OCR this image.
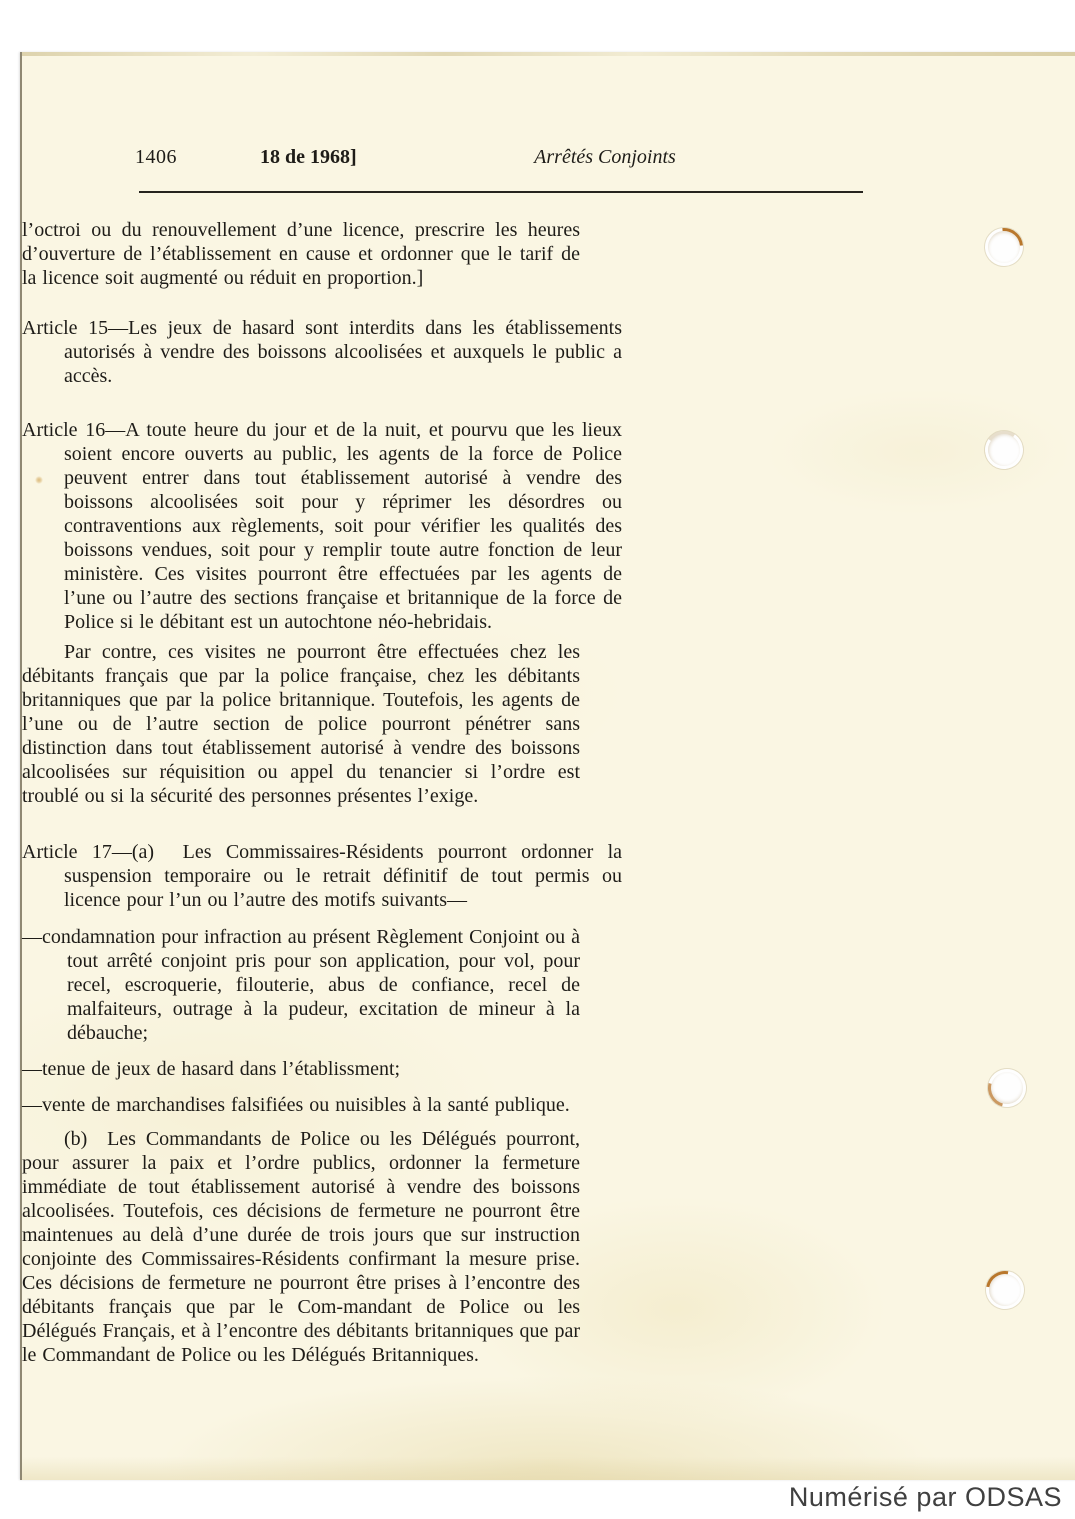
1406	18 de 1968]	Arrêtés Conjoints

l’octroi ou du renouvellement d’une licence, prescrire les heures d’ouverture de l’établissement en cause et ordonner que le tarif de la licence soit augmenté ou réduit en proportion.]

Article 15—Les jeux de hasard sont interdits dans les établissements autorisés à vendre des boissons alcoolisées et auxquels le public a accès.

Article 16—A toute heure du jour et de la nuit, et pourvu que les lieux soient encore ouverts au public, les agents de la force de Police peuvent entrer dans tout établissement autorisé à vendre des boissons alcoolisées soit pour y réprimer les désordres ou contraventions aux règlements, soit pour vérifier les qualités des boissons vendues, soit pour y remplir toute autre fonction de leur ministère. Ces visites pourront être effectuées par les agents de l’une ou l’autre des sections française et britannique de la force de Police si le débitant est un autochtone néo-hebridais.

Par contre, ces visites ne pourront être effectuées chez les débitants français que par la police française, chez les débitants britanniques que par la police britannique. Toutefois, les agents de l’une ou de l’autre section de police pourront pénétrer sans distinction dans tout établissement autorisé à vendre des boissons alcoolisées sur réquisition ou appel du tenancier si l’ordre est troublé ou si la sécurité des personnes présentes l’exige.

Article 17—(a)  Les Commissaires-Résidents pourront ordonner la suspension temporaire ou le retrait définitif de tout permis ou licence pour l’un ou l’autre des motifs suivants—

—condamnation pour infraction au présent Règlement Conjoint ou à tout arrêté conjoint pris pour son application, pour vol, pour recel, escroquerie, filouterie, abus de confiance, recel de malfaiteurs, outrage à la pudeur, excitation de mineur à la débauche;

—tenue de jeux de hasard dans l’établissment;

—vente de marchandises falsifiées ou nuisibles à la santé publique.

(b)  Les Commandants de Police ou les Délégués pourront, pour assurer la paix et l’ordre publics, ordonner la fermeture immédiate de tout établissement autorisé à vendre des boissons alcoolisées. Toutefois, ces décisions de fermeture ne pourront être maintenues au delà d’une durée de trois jours que sur instruction conjointe des Commissaires-Résidents confirmant la mesure prise. Ces décisions de fermeture ne pourront être prises à l’encontre des débitants français que par le Com-mandant de Police ou les Délégués Français, et à l’encontre des débitants britanniques que par le Commandant de Police ou les Délégués Britanniques.

Numérisé par ODSAS
